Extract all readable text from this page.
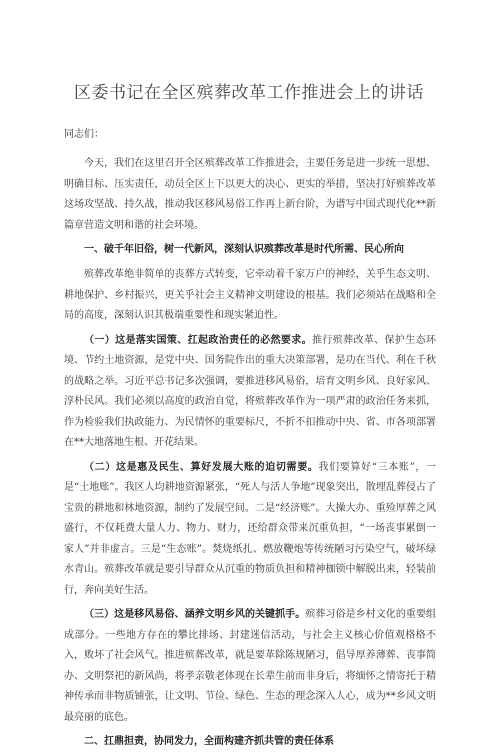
区委书记在全区殡葬改革工作推进会上的讲话

同志们：

今天，我们在这里召开全区殡葬改革工作推进会，主要任务是进一步统一思想、明确目标、压实责任，动员全区上下以更大的决心、更实的举措，坚决打好殡葬改革这场攻坚战、持久战，推动我区移风易俗工作再上新台阶，为谱写中国式现代化**新篇章营造文明和谐的社会环境。

一、破千年旧俗，树一代新风，深刻认识殡葬改革是时代所需、民心所向

殡葬改革绝非简单的丧葬方式转变，它牵动着千家万户的神经，关乎生态文明、耕地保护、乡村振兴，更关乎社会主义精神文明建设的根基。我们必须站在战略和全局的高度，深刻认识其极端重要性和现实紧迫性。

（一）这是落实国策、扛起政治责任的必然要求。推行殡葬改革、保护生态环境、节约土地资源，是党中央、国务院作出的重大决策部署，是功在当代、利在千秋的战略之举。习近平总书记多次强调，要推进移风易俗，培育文明乡风、良好家风、淳朴民风。我们必须以高度的政治自觉，将殡葬改革作为一项严肃的政治任务来抓，作为检验我们执政能力、为民情怀的重要标尺，不折不扣推动中央、省、市各项部署在**大地落地生根、开花结果。

（二）这是惠及民生、算好发展大账的迫切需要。我们要算好“三本账”，一是“土地账”。我区人均耕地资源紧张，“死人与活人争地”现象突出，散埋乱葬侵占了宝贵的耕地和林地资源，制约了发展空间。二是“经济账”。大操大办、重殓厚葬之风盛行，不仅耗费大量人力、物力、财力，还给群众带来沉重负担，“一场丧事累倒一家人”并非虚言。三是“生态账”。焚烧纸扎、燃放鞭炮等传统陋习污染空气，破坏绿水青山。殡葬改革就是要引导群众从沉重的物质负担和精神枷锁中解脱出来，轻装前行，奔向美好生活。

（三）这是移风易俗、涵养文明乡风的关键抓手。殡葬习俗是乡村文化的重要组成部分。一些地方存在的攀比排场、封建迷信活动，与社会主义核心价值观格格不入，败坏了社会风气。推进殡葬改革，就是要革除陈规陋习，倡导厚养薄葬、丧事简办、文明祭祀的新风尚，将孝亲敬老体现在长辈生前而非身后，将缅怀之情寄托于精神传承而非物质铺张，让文明、节俭、绿色、生态的理念深入人心，成为**乡风文明最亮丽的底色。

二、扛鼎担责，协同发力，全面构建齐抓共管的责任体系
